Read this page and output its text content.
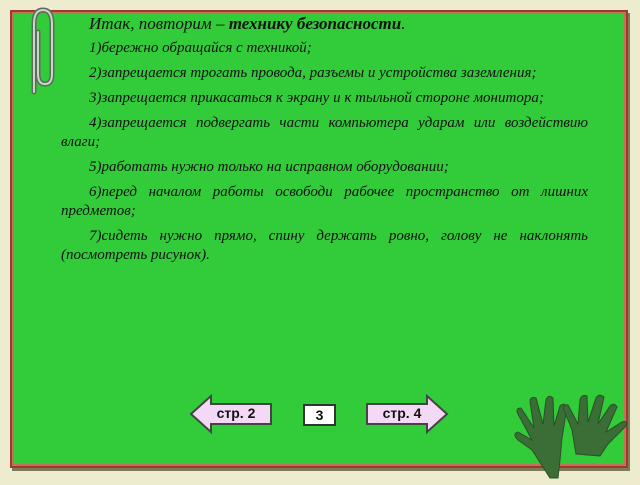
Итак, повторим – технику безопасности.

1)бережно обращайся с техникой;

2)запрещается трогать провода, разъемы и устройства заземления;

3)запрещается прикасаться к экрану и к тыльной стороне монитора;

4)запрещается подвергать части компьютера ударам или воздействию влаги;

5)работать нужно только на исправном оборудовании;

6)перед началом работы освободи рабочее пространство от лишних предметов;

7)сидеть нужно прямо, спину держать ровно, голову не наклонять (посмотреть рисунок).

стр. 2	3	стр. 4
